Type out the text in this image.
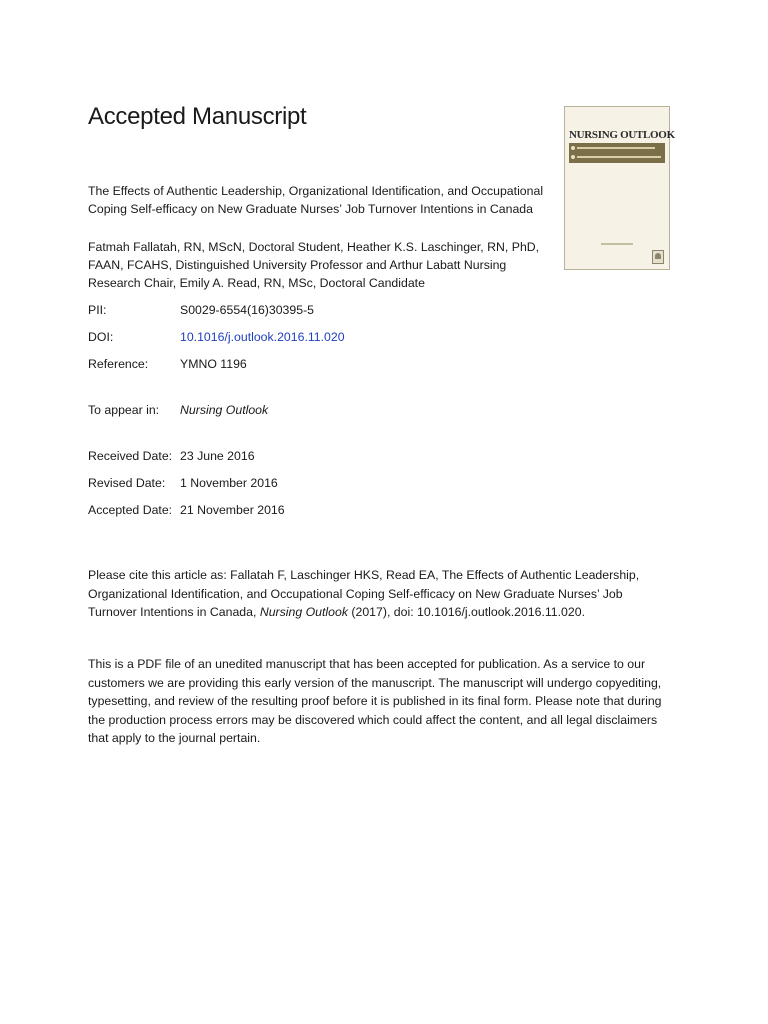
Accepted Manuscript
NURSING OUTLOOK

The Effects of Authentic Leadership, Organizational Identification, and Occupational Coping Self-efficacy on New Graduate Nurses’ Job Turnover Intentions in Canada

Fatmah Fallatah, RN, MScN, Doctoral Student, Heather K.S. Laschinger, RN, PhD, FAAN, FCAHS, Distinguished University Professor and Arthur Labatt Nursing Research Chair, Emily A. Read, RN, MSc, Doctoral Candidate

PII:	S0029-6554(16)30395-5
DOI:	10.1016/j.outlook.2016.11.020
Reference:	YMNO 1196
To appear in: Nursing Outlook
Received Date: 23 June 2016
Revised Date: 1 November 2016
Accepted Date: 21 November 2016

Please cite this article as: Fallatah F, Laschinger HKS, Read EA, The Effects of Authentic Leadership, Organizational Identification, and Occupational Coping Self-efficacy on New Graduate Nurses’ Job Turnover Intentions in Canada, Nursing Outlook (2017), doi: 10.1016/j.outlook.2016.11.020.

This is a PDF file of an unedited manuscript that has been accepted for publication. As a service to our customers we are providing this early version of the manuscript. The manuscript will undergo copyediting, typesetting, and review of the resulting proof before it is published in its final form. Please note that during the production process errors may be discovered which could affect the content, and all legal disclaimers that apply to the journal pertain.
